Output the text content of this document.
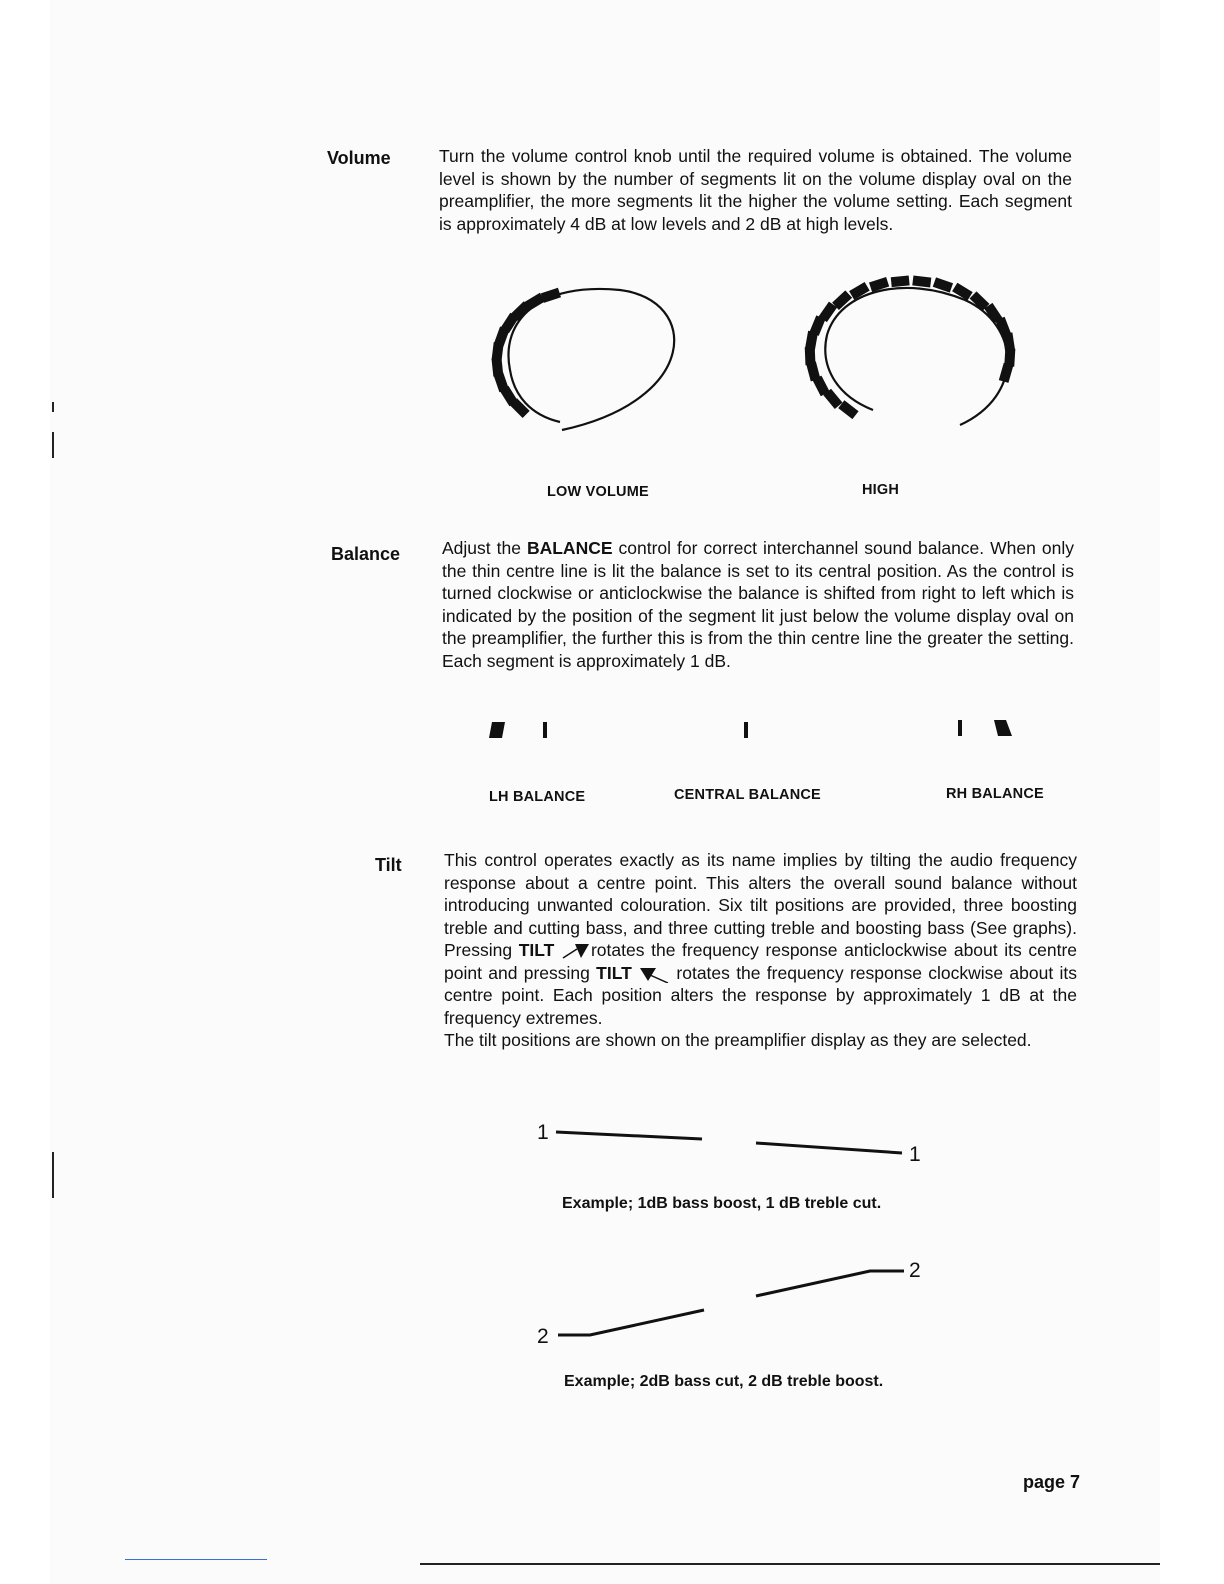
Volume	Turn the volume control knob until the required volume is obtained. The volume level is shown by the number of segments lit on the volume display oval on the preamplifier, the more segments lit the higher the volume setting. Each segment is approximately 4 dB at low levels and 2 dB at high levels.
LOW VOLUME	HIGH
Balance Adjust the BALANCE control for correct interchannel sound balance. When only the thin centre line is lit the balance is set to its central position. As the control is turned clockwise or anticlockwise the balance is shifted from right to left which is indicated by the position of the segment lit just below the volume display oval on the preamplifier, the further this is from the thin centre line the greater the setting. Each segment is approximately 1 dB.
LH BALANCE	CENTRAL BALANCE	RH BALANCE
Tilt This control operates exactly as its name implies by tilting the audio frequency response about a centre point. This alters the overall sound balance without introducing unwanted colouration. Six tilt positions are provided, three boosting treble and cutting bass, and three cutting treble and boosting bass (See graphs). Pressing TILT rotates the frequency response anticlockwise about its centre point and pressing TILT  rotates the frequency response clockwise about its centre point. Each position alters the response by approximately 1 dB at the frequency extremes.
The tilt positions are shown on the preamplifier display as they are selected.
1
1
Example; 1dB bass boost, 1 dB treble cut.
2
2
Example; 2dB bass cut, 2 dB treble boost.
page 7
